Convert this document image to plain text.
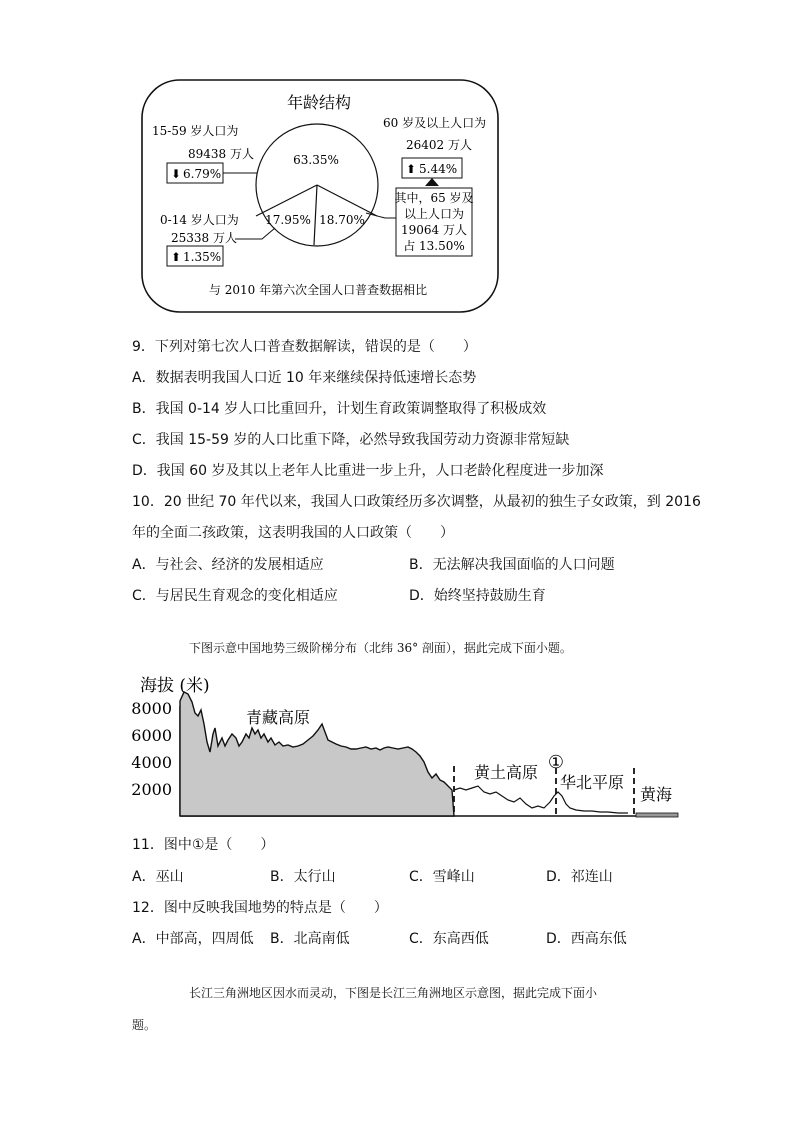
年龄结构
63.35%
18.70%
17.95%
15-59 岁人口为
89438 万人
⬇ 6.79%
0-14 岁人口为
25338 万人
⬆ 1.35%
60 岁及以上人口为
26402 万人
⬆ 5.44%
其中，65 岁及
以上人口为
19064 万人
占 13.50%
与 2010 年第六次全国人口普查数据相比
9．下列对第七次人口普查数据解读，错误的是（　　）
A．数据表明我国人口近 10 年来继续保持低速增长态势
B．我国 0-14 岁人口比重回升，计划生育政策调整取得了积极成效
C．我国 15-59 岁的人口比重下降，必然导致我国劳动力资源非常短缺
D．我国 60 岁及其以上老年人比重进一步上升，人口老龄化程度进一步加深
10．20 世纪 70 年代以来，我国人口政策经历多次调整，从最初的独生子女政策，到 2016
年的全面二孩政策，这表明我国的人口政策（　　）
A．与社会、经济的发展相适应	B．无法解决我国面临的人口问题
C．与居民生育观念的变化相适应	D．始终坚持鼓励生育
下图示意中国地势三级阶梯分布（北纬 36° 剖面），据此完成下面小题。
海拔 (米)
8000
6000
4000
2000
青藏高原
黄土高原 ①
华北平原
黄海
11．图中①是（　　）
A．巫山	B．太行山	C．雪峰山	D．祁连山
12．图中反映我国地势的特点是（　　）
A．中部高，四周低 B．北高南低	C．东高西低	D．西高东低
长江三角洲地区因水而灵动，下图是长江三角洲地区示意图，据此完成下面小
题。
